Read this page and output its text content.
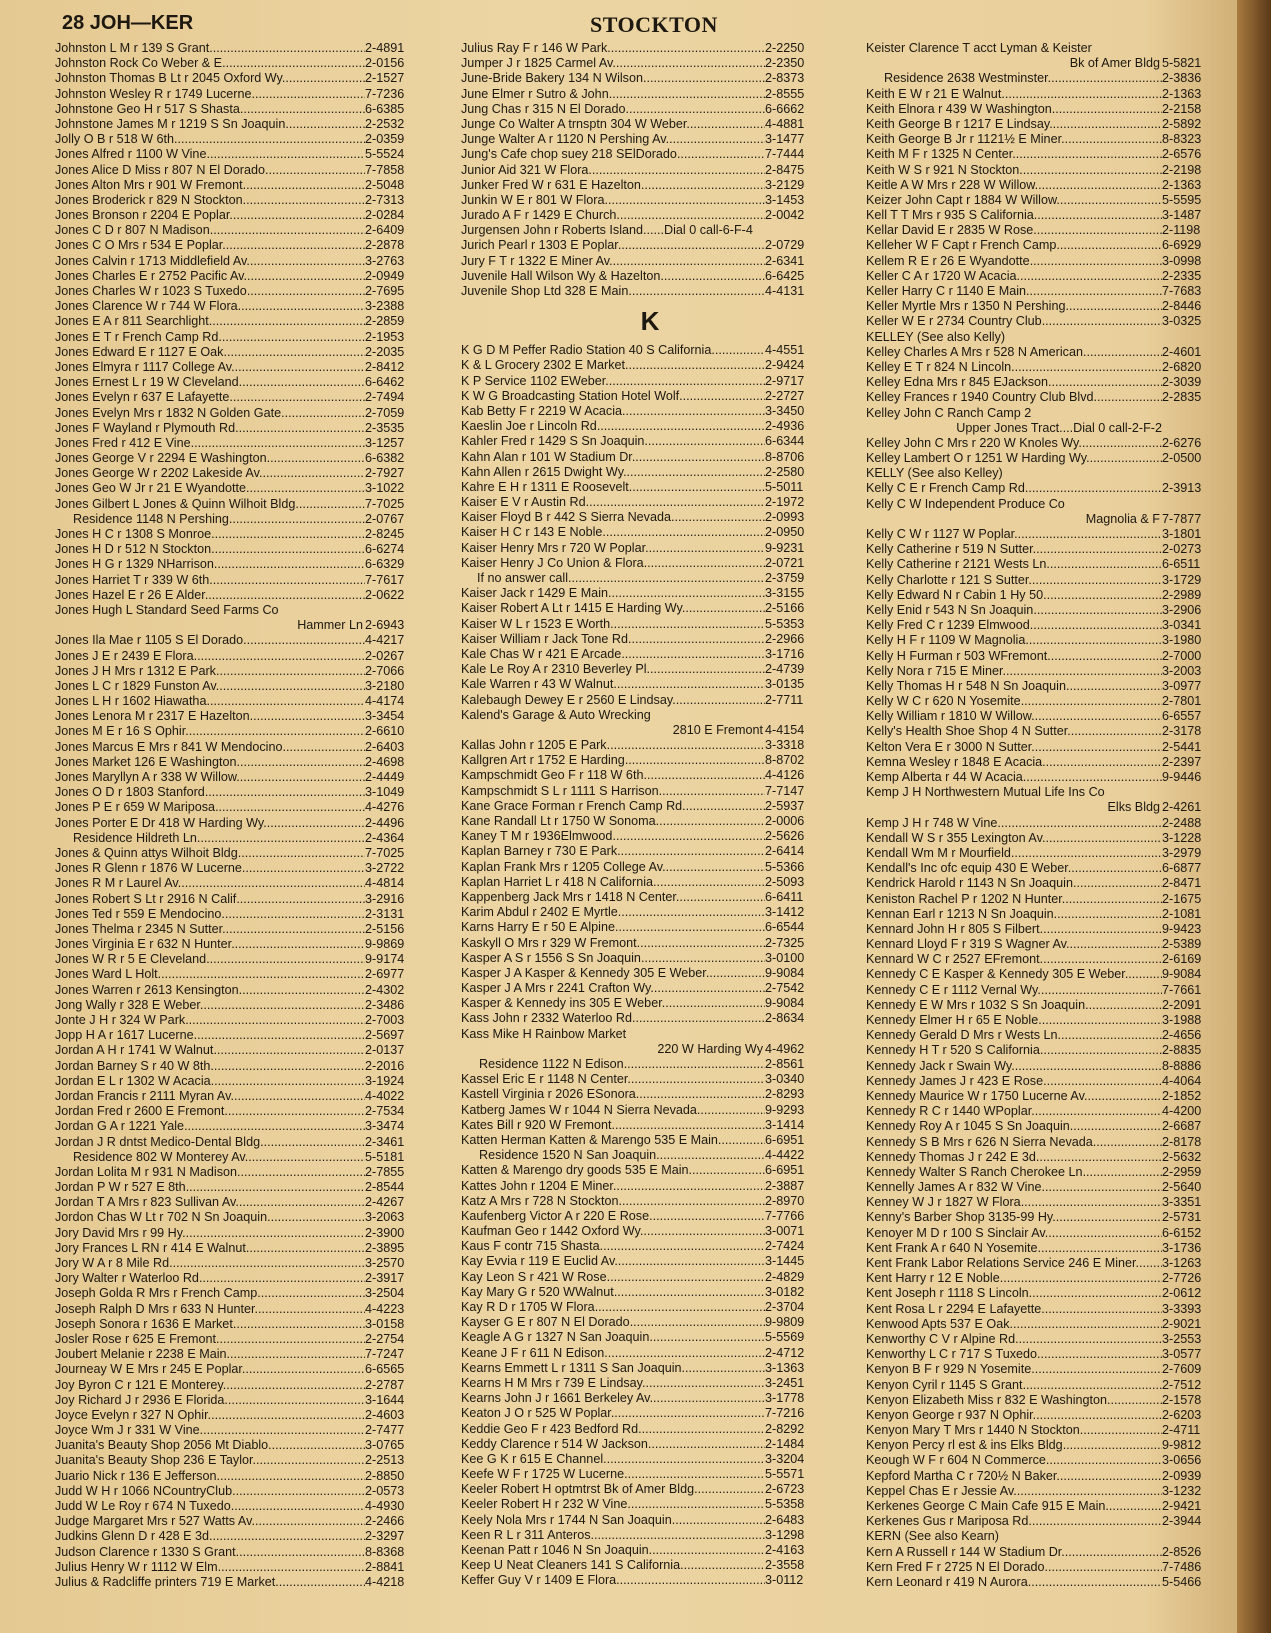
28 JOH—KER	STOCKTON
Johnston L M r 139 S Grant .....	2-4891
Johnston Rock Co Weber & E .....	2-0156
Johnston Thomas B Lt r 2045 Oxford Wy .....	2-1527
Johnston Wesley R r 1749 Lucerne .....	7-7236
Johnstone Geo H r 517 S Shasta .....	6-6385
Johnstone James M r 1219 S Sn Joaquin .....	2-2532
Jolly O B r 518 W 6th .....	2-0359
Jones Alfred r 1100 W Vine .....	5-5524
Jones Alice D Miss r 807 N El Dorado .....	7-7858
Jones Alton Mrs r 901 W Fremont .....	2-5048
Jones Broderick r 829 N Stockton .....	2-7313
Jones Bronson r 2204 E Poplar .....	2-0284
Jones C D r 807 N Madison .....	2-6409
Jones C O Mrs r 534 E Poplar .....	2-2878
Jones Calvin r 1713 Middlefield Av .....	3-2763
Jones Charles E r 2752 Pacific Av .....	2-0949
Jones Charles W r 1023 S Tuxedo .....	2-7695
Jones Clarence W r 744 W Flora .....	3-2388
Jones E A r 811 Searchlight .....	2-2859
Jones E T r French Camp Rd .....	2-1953
Jones Edward E r 1127 E Oak .....	2-2035
Jones Elmyra r 1117 College Av .....	2-8412
Jones Ernest L r 19 W Cleveland .....	6-6462
Jones Evelyn r 637 E Lafayette .....	2-7494
Jones Evelyn Mrs r 1832 N Golden Gate .....	2-7059
Jones F Wayland r Plymouth Rd .....	2-3535
Jones Fred r 412 E Vine .....	3-1257
Jones George V r 2294 E Washington .....	6-6382
Jones George W r 2202 Lakeside Av .....	2-7927
Jones Geo W Jr r 21 E Wyandotte .....	3-1022
Jones Gilbert L Jones & Quinn Wilhoit Bldg .....	7-7025
Residence 1148 N Pershing .....	2-0767
Jones H C r 1308 S Monroe .....	2-8245
Jones H D r 512 N Stockton .....	6-6274
Jones H G r 1329 NHarrison .....	6-6329
Jones Harriet T r 339 W 6th .....	7-7617
Jones Hazel E r 26 E Alder .....	2-0622
Jones Hugh L Standard Seed Farms Co
Hammer Ln 2-6943
Jones Ila Mae r 1105 S El Dorado .....	4-4217
Jones J E r 2439 E Flora .....	2-0267
Jones J H Mrs r 1312 E Park .....	2-7066
Jones L C r 1829 Funston Av .....	3-2180
Jones L H r 1602 Hiawatha .....	4-4174
Jones Lenora M r 2317 E Hazelton .....	3-3454
Jones M E r 16 S Ophir .....	2-6610
Jones Marcus E Mrs r 841 W Mendocino .....	2-6403
Jones Market 126 E Washington .....	2-4698
Jones Maryllyn A r 338 W Willow .....	2-4449
Jones O D r 1803 Stanford .....	3-1049
Jones P E r 659 W Mariposa .....	4-4276
Jones Porter E Dr 418 W Harding Wy .....	2-4496
Residence Hildreth Ln .....	2-4364
Jones & Quinn attys Wilhoit Bldg .....	7-7025
Jones R Glenn r 1876 W Lucerne .....	3-2722
Jones R M r Laurel Av .....	4-4814
Jones Robert S Lt r 2916 N Calif .....	3-2916
Jones Ted r 559 E Mendocino .....	2-3131
Jones Thelma r 2345 N Sutter .....	2-5156
Jones Virginia E r 632 N Hunter .....	9-9869
Jones W R r 5 E Cleveland .....	9-9174
Jones Ward L Holt .....	2-6977
Jones Warren r 2613 Kensington .....	2-4302
Jong Wally r 328 E Weber .....	2-3486
Jonte J H r 324 W Park .....	2-7003
Jopp H A r 1617 Lucerne .....	2-5697
Jordan A H r 1741 W Walnut .....	2-0137
Jordan Barney S r 40 W 8th .....	2-2016
Jordan E L r 1302 W Acacia .....	3-1924
Jordan Francis r 2111 Myran Av .....	4-4022
Jordan Fred r 2600 E Fremont .....	2-7534
Jordan G A r 1221 Yale .....	3-3474
Jordan J R dntst Medico-Dental Bldg .....	2-3461
Residence 802 W Monterey Av .....	5-5181
Jordan Lolita M r 931 N Madison .....	2-7855
Jordan P W r 527 E 8th .....	2-8544
Jordan T A Mrs r 823 Sullivan Av .....	2-4267
Jordon Chas W Lt r 702 N Sn Joaquin .....	3-2063
Jory David Mrs r 99 Hy .....	2-3900
Jory Frances L RN r 414 E Walnut .....	2-3895
Jory W A r 8 Mile Rd .....	3-2570
Jory Walter r Waterloo Rd .....	2-3917
Joseph Golda R Mrs r French Camp .....	3-2504
Joseph Ralph D Mrs r 633 N Hunter .....	4-4223
Joseph Sonora r 1636 E Market .....	3-0158
Josler Rose r 625 E Fremont .....	2-2754
Joubert Melanie r 2238 E Main .....	7-7247
Journeay W E Mrs r 245 E Poplar .....	6-6565
Joy Byron C r 121 E Monterey .....	2-2787
Joy Richard J r 2936 E Florida .....	3-1644
Joyce Evelyn r 327 N Ophir .....	2-4603
Joyce Wm J r 331 W Vine .....	2-7477
Juanita's Beauty Shop 2056 Mt Diablo .....	3-0765
Juanita's Beauty Shop 236 E Taylor .....	2-2513
Juario Nick r 136 E Jefferson .....	2-8850
Judd W H r 1066 NCountryClub .....	2-0573
Judd W Le Roy r 674 N Tuxedo .....	4-4930
Judge Margaret Mrs r 527 Watts Av .....	2-2466
Judkins Glenn D r 428 E 3d .....	2-3297
Judson Clarence r 1330 S Grant .....	8-8368
Julius Henry W r 1112 W Elm .....	2-8841
Julius & Radcliffe printers 719 E Market .....	4-4218
Julius Ray F r 146 W Park .....	2-2250
Jumper J r 1825 Carmel Av .....	2-2350
June-Bride Bakery 134 N Wilson .....	2-8373
June Elmer r Sutro & John .....	2-8555
Jung Chas r 315 N El Dorado .....	6-6662
Junge Co Walter A trnsptn 304 W Weber .....	4-4881
Junge Walter A r 1120 N Pershing Av .....	3-1477
Jung's Cafe chop suey 218 SElDorado .....	7-7444
Junior Aid 321 W Flora .....	2-8475
Junker Fred W r 631 E Hazelton .....	3-2129
Junkin W E r 801 W Flora .....	3-1453
Jurado A F r 1429 E Church .....	2-0042
Jurgensen John r Roberts Island......Dial 0 call-6-F-4
Jurich Pearl r 1303 E Poplar .....	2-0729
Jury F T r 1322 E Miner Av .....	2-6341
Juvenile Hall Wilson Wy & Hazelton .....	6-6425
Juvenile Shop Ltd 328 E Main .....	4-4131
K
K G D M Peffer Radio Station 40 S California .....	4-4551
K & L Grocery 2302 E Market .....	2-9424
K P Service 1102 EWeber .....	2-9717
K W G Broadcasting Station Hotel Wolf .....	2-2727
Kab Betty F r 2219 W Acacia .....	3-3450
Kaeslin Joe r Lincoln Rd .....	2-4936
Kahler Fred r 1429 S Sn Joaquin .....	6-6344
Kahn Alan r 101 W Stadium Dr .....	8-8706
Kahn Allen r 2615 Dwight Wy .....	2-2580
Kahre E H r 1311 E Roosevelt .....	5-5011
Kaiser E V r Austin Rd .....	2-1972
Kaiser Floyd B r 442 S Sierra Nevada .....	2-0993
Kaiser H C r 143 E Noble .....	2-0950
Kaiser Henry Mrs r 720 W Poplar .....	9-9231
Kaiser Henry J Co Union & Flora .....	2-0721
If no answer call .....	2-3759
Kaiser Jack r 1429 E Main .....	3-3155
Kaiser Robert A Lt r 1415 E Harding Wy .....	2-5166
Kaiser W L r 1523 E Worth .....	5-5353
Kaiser William r Jack Tone Rd .....	2-2966
Kale Chas W r 421 E Arcade .....	3-1716
Kale Le Roy A r 2310 Beverley Pl .....	2-4739
Kale Warren r 43 W Walnut .....	3-0135
Kalebaugh Dewey E r 2560 E Lindsay .....	2-7711
Kalend's Garage & Auto Wrecking
2810 E Fremont 4-4154
Kallas John r 1205 E Park .....	3-3318
Kallgren Art r 1752 E Harding .....	8-8702
Kampschmidt Geo F r 118 W 6th .....	4-4126
Kampschmidt S L r 1111 S Harrison .....	7-7147
Kane Grace Forman r French Camp Rd .....	2-5937
Kane Randall Lt r 1750 W Sonoma .....	2-0006
Kaney T M r 1936Elmwood .....	2-5626
Kaplan Barney r 730 E Park .....	2-6414
Kaplan Frank Mrs r 1205 College Av .....	5-5366
Kaplan Harriet L r 418 N California .....	2-5093
Kappenberg Jack Mrs r 1418 N Center .....	6-6411
Karim Abdul r 2402 E Myrtle .....	3-1412
Karns Harry E r 50 E Alpine .....	6-6544
Kaskyll O Mrs r 329 W Fremont .....	2-7325
Kasper A S r 1556 S Sn Joaquin .....	3-0100
Kasper J A Kasper & Kennedy 305 E Weber .....	9-9084
Kasper J A Mrs r 2241 Crafton Wy .....	2-7542
Kasper & Kennedy ins 305 E Weber .....	9-9084
Kass John r 2332 Waterloo Rd .....	2-8634
Kass Mike H Rainbow Market
220 W Harding Wy 4-4962
Residence 1122 N Edison .....	2-8561
Kassel Eric E r 1148 N Center .....	3-0340
Kastell Virginia r 2026 ESonora .....	2-8293
Katberg James W r 1044 N Sierra Nevada .....	9-9293
Kates Bill r 920 W Fremont .....	3-1414
Katten Herman Katten & Marengo 535 E Main .....	6-6951
Residence 1520 N San Joaquin .....	4-4422
Katten & Marengo dry goods 535 E Main .....	6-6951
Kattes John r 1204 E Miner .....	2-3887
Katz A Mrs r 728 N Stockton .....	2-8970
Kaufenberg Victor A r 220 E Rose .....	7-7766
Kaufman Geo r 1442 Oxford Wy .....	3-0071
Kaus F contr 715 Shasta .....	2-7424
Kay Evvia r 119 E Euclid Av .....	3-1445
Kay Leon S r 421 W Rose .....	2-4829
Kay Mary G r 520 WWalnut .....	3-0182
Kay R D r 1705 W Flora .....	2-3704
Kayser G E r 807 N El Dorado .....	9-9809
Keagle A G r 1327 N San Joaquin .....	5-5569
Keane J F r 611 N Edison .....	2-4712
Kearns Emmett L r 1311 S San Joaquin .....	3-1363
Kearns H M Mrs r 739 E Lindsay .....	3-2451
Kearns John J r 1661 Berkeley Av .....	3-1778
Keaton J O r 525 W Poplar .....	7-7216
Keddie Geo F r 423 Bedford Rd .....	2-8292
Keddy Clarence r 514 W Jackson .....	2-1484
Kee G K r 615 E Channel .....	3-3204
Keefe W F r 1725 W Lucerne .....	5-5571
Keeler Robert H optmtrst Bk of Amer Bldg .....	2-6723
Keeler Robert H r 232 W Vine .....	5-5358
Keely Nola Mrs r 1744 N San Joaquin .....	2-6483
Keen R L r 311 Anteros .....	3-1298
Keenan Patt r 1046 N Sn Joaquin .....	2-4163
Keep U Neat Cleaners 141 S California .....	2-3558
Keffer Guy V r 1409 E Flora .....	3-0112
Keister Clarence T acct Lyman & Keister
Bk of Amer Bldg 5-5821
Residence 2638 Westminster .....	2-3836
Keith E W r 21 E Walnut .....	2-1363
Keith Elnora r 439 W Washington .....	2-2158
Keith George B r 1217 E Lindsay .....	2-5892
Keith George B Jr r 1121½ E Miner .....	8-8323
Keith M F r 1325 N Center .....	2-6576
Keith W S r 921 N Stockton .....	2-2198
Keitle A W Mrs r 228 W Willow .....	2-1363
Keizer John Capt r 1884 W Willow .....	5-5595
Kell T T Mrs r 935 S California .....	3-1487
Kellar David E r 2835 W Rose .....	2-1198
Kelleher W F Capt r French Camp .....	6-6929
Kellem R E r 26 E Wyandotte .....	3-0998
Keller C A r 1720 W Acacia .....	2-2335
Keller Harry C r 1140 E Main .....	7-7683
Keller Myrtle Mrs r 1350 N Pershing .....	2-8446
Keller W E r 2734 Country Club .....	3-0325
KELLEY (See also Kelly)
Kelley Charles A Mrs r 528 N American .....	2-4601
Kelley E T r 824 N Lincoln .....	2-6820
Kelley Edna Mrs r 845 EJackson .....	2-3039
Kelley Frances r 1940 Country Club Blvd .....	2-2835
Kelley John C Ranch Camp 2
Upper Jones Tract....Dial 0 call-2-F-2
Kelley John C Mrs r 220 W Knoles Wy .....	2-6276
Kelley Lambert O r 1251 W Harding Wy .....	2-0500
KELLY (See also Kelley)
Kelly C E r French Camp Rd .....	2-3913
Kelly C W Independent Produce Co
Magnolia & F 7-7877
Kelly C W r 1127 W Poplar .....	3-1801
Kelly Catherine r 519 N Sutter .....	2-0273
Kelly Catherine r 2121 Wests Ln .....	6-6511
Kelly Charlotte r 121 S Sutter .....	3-1729
Kelly Edward N r Cabin 1 Hy 50 .....	2-2989
Kelly Enid r 543 N Sn Joaquin .....	3-2906
Kelly Fred C r 1239 Elmwood .....	3-0341
Kelly H F r 1109 W Magnolia .....	3-1980
Kelly H Furman r 503 WFremont .....	2-7000
Kelly Nora r 715 E Miner .....	3-2003
Kelly Thomas H r 548 N Sn Joaquin .....	3-0977
Kelly W C r 620 N Yosemite .....	2-7801
Kelly William r 1810 W Willow .....	6-6557
Kelly's Health Shoe Shop 4 N Sutter .....	2-3178
Kelton Vera E r 3000 N Sutter .....	2-5441
Kemna Wesley r 1848 E Acacia .....	2-2397
Kemp Alberta r 44 W Acacia .....	9-9446
Kemp J H Northwestern Mutual Life Ins Co
Elks Bldg 2-4261
Kemp J H r 748 W Vine .....	2-2488
Kendall W S r 355 Lexington Av .....	3-1228
Kendall Wm M r Mourfield .....	3-2979
Kendall's Inc ofc equip 430 E Weber .....	6-6877
Kendrick Harold r 1143 N Sn Joaquin .....	2-8471
Keniston Rachel P r 1202 N Hunter .....	2-1675
Kennan Earl r 1213 N Sn Joaquin .....	2-1081
Kennard John H r 805 S Filbert .....	9-9423
Kennard Lloyd F r 319 S Wagner Av .....	2-5389
Kennard W C r 2527 EFremont .....	2-6169
Kennedy C E Kasper & Kennedy 305 E Weber .....	9-9084
Kennedy C E r 1112 Vernal Wy .....	7-7661
Kennedy E W Mrs r 1032 S Sn Joaquin .....	2-2091
Kennedy Elmer H r 65 E Noble .....	3-1988
Kennedy Gerald D Mrs r Wests Ln .....	2-4656
Kennedy H T r 520 S California .....	2-8835
Kennedy Jack r Swain Wy .....	8-8886
Kennedy James J r 423 E Rose .....	4-4064
Kennedy Maurice W r 1750 Lucerne Av .....	2-1852
Kennedy R C r 1440 WPoplar .....	4-4200
Kennedy Roy A r 1045 S Sn Joaquin .....	2-6687
Kennedy S B Mrs r 626 N Sierra Nevada .....	2-8178
Kennedy Thomas J r 242 E 3d .....	2-5632
Kennedy Walter S Ranch Cherokee Ln .....	2-2959
Kennelly James A r 832 W Vine .....	2-5640
Kenney W J r 1827 W Flora .....	3-3351
Kenny's Barber Shop 3135-99 Hy .....	2-5731
Kenoyer M D r 100 S Sinclair Av .....	6-6152
Kent Frank A r 640 N Yosemite .....	3-1736
Kent Frank Labor Relations Service 246 E Miner .....	3-1263
Kent Harry r 12 E Noble .....	2-7726
Kent Joseph r 1118 S Lincoln .....	2-0612
Kent Rosa L r 2294 E Lafayette .....	3-3393
Kenwood Apts 537 E Oak .....	2-9021
Kenworthy C V r Alpine Rd .....	3-2553
Kenworthy L C r 717 S Tuxedo .....	3-0577
Kenyon B F r 929 N Yosemite .....	2-7609
Kenyon Cyril r 1145 S Grant .....	2-7512
Kenyon Elizabeth Miss r 832 E Washington .....	2-1578
Kenyon George r 937 N Ophir .....	2-6203
Kenyon Mary T Mrs r 1440 N Stockton .....	2-4711
Kenyon Percy rl est & ins Elks Bldg .....	9-9812
Keough W F r 604 N Commerce .....	3-0656
Kepford Martha C r 720½ N Baker .....	2-0939
Keppel Chas E r Jessie Av .....	3-1232
Kerkenes George C Main Cafe 915 E Main .....	2-9421
Kerkenes Gus r Mariposa Rd .....	2-3944
KERN (See also Kearn)
Kern A Russell r 144 W Stadium Dr .....	2-8526
Kern Fred F r 2725 N El Dorado .....	7-7486
Kern Leonard r 419 N Aurora .....	5-5466
